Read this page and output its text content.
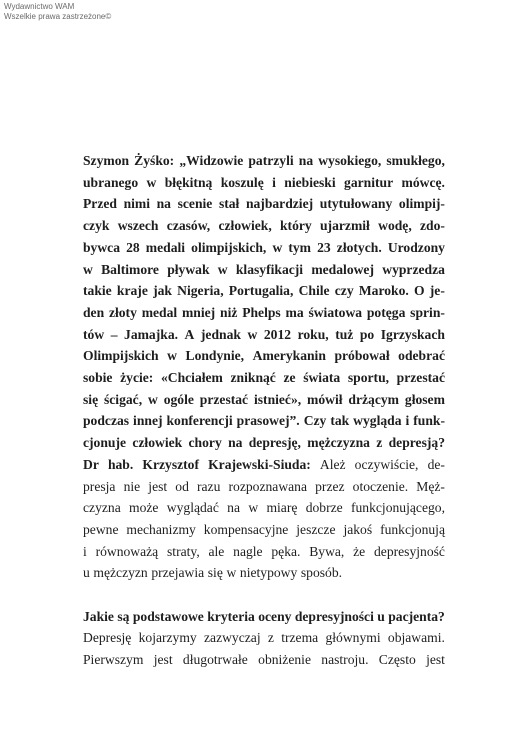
Wydawnictwo WAM
Wszelkie prawa zastrzeżone©
Szymon Żyśko: „Widzowie patrzyli na wysokiego, smukłego,
ubranego w błękitną koszulę i niebieski garnitur mówcę.
Przed nimi na scenie stał najbardziej utytułowany olimpij-
czyk wszech czasów, człowiek, który ujarzmił wodę, zdo-
bywca 28 medali olimpijskich, w tym 23 złotych. Urodzony
w Baltimore pływak w klasyfikacji medalowej wyprzedza
takie kraje jak Nigeria, Portugalia, Chile czy Maroko. O je-
den złoty medal mniej niż Phelps ma światowa potęga sprin-
tów – Jamajka. A jednak w 2012 roku, tuż po Igrzyskach
Olimpijskich w Londynie, Amerykanin próbował odebrać
sobie życie: «Chciałem zniknąć ze świata sportu, przestać
się ścigać, w ogóle przestać istnieć», mówił drżącym głosem
podczas innej konferencji prasowej”. Czy tak wygląda i funk-
cjonuje człowiek chory na depresję, mężczyzna z depresją?
Dr hab. Krzysztof Krajewski-Siuda: Ależ oczywiście, de-
presja nie jest od razu rozpoznawana przez otoczenie. Męż-
czyzna może wyglądać na w miarę dobrze funkcjonującego,
pewne mechanizmy kompensacyjne jeszcze jakoś funkcjonują
i równoważą straty, ale nagle pęka. Bywa, że depresyjność
u mężczyzn przejawia się w nietypowy sposób.
Jakie są podstawowe kryteria oceny depresyjności u pacjenta?
Depresję kojarzymy zazwyczaj z trzema głównymi objawami.
Pierwszym jest długotrwałe obniżenie nastroju. Często jest
